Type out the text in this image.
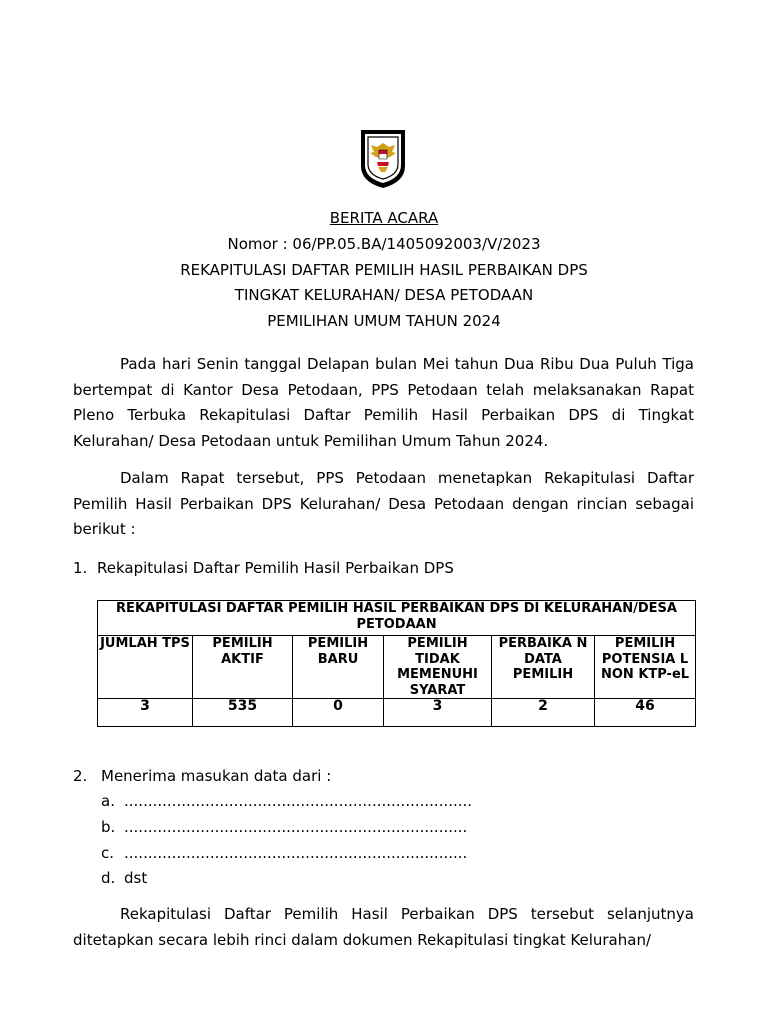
BERITA ACARA
Nomor : 06/PP.05.BA/1405092003/V/2023
REKAPITULASI DAFTAR PEMILIH HASIL PERBAIKAN DPS
TINGKAT KELURAHAN/ DESA PETODAAN
PEMILIHAN UMUM TAHUN 2024

Pada hari Senin tanggal Delapan bulan Mei tahun Dua Ribu Dua Puluh Tiga bertempat di Kantor Desa Petodaan, PPS Petodaan telah melaksanakan Rapat Pleno Terbuka Rekapitulasi Daftar Pemilih Hasil Perbaikan DPS di Tingkat Kelurahan/ Desa Petodaan untuk Pemilihan Umum Tahun 2024.

Dalam Rapat tersebut, PPS Petodaan menetapkan Rekapitulasi Daftar Pemilih Hasil Perbaikan DPS Kelurahan/ Desa Petodaan dengan rincian sebagai berikut :

1. Rekapitulasi Daftar Pemilih Hasil Perbaikan DPS
REKAPITULASI DAFTAR PEMILIH HASIL PERBAIKAN DPS DI KELURAHAN/DESA PETODAAN					
JUMLAH TPS	PEMILIH AKTIF	PEMILIH BARU	PEMILIH TIDAK MEMENUHI SYARAT	PERBAIKA N DATA PEMILIH	PEMILIH POTENSIA L NON KTP-eL
3	535	0	3	2	46
2. Menerima masukan data dari :
a. .........................................................................
b. ........................................................................
c. ........................................................................
d. dst

Rekapitulasi Daftar Pemilih Hasil Perbaikan DPS tersebut selanjutnya ditetapkan secara lebih rinci dalam dokumen Rekapitulasi tingkat Kelurahan/
